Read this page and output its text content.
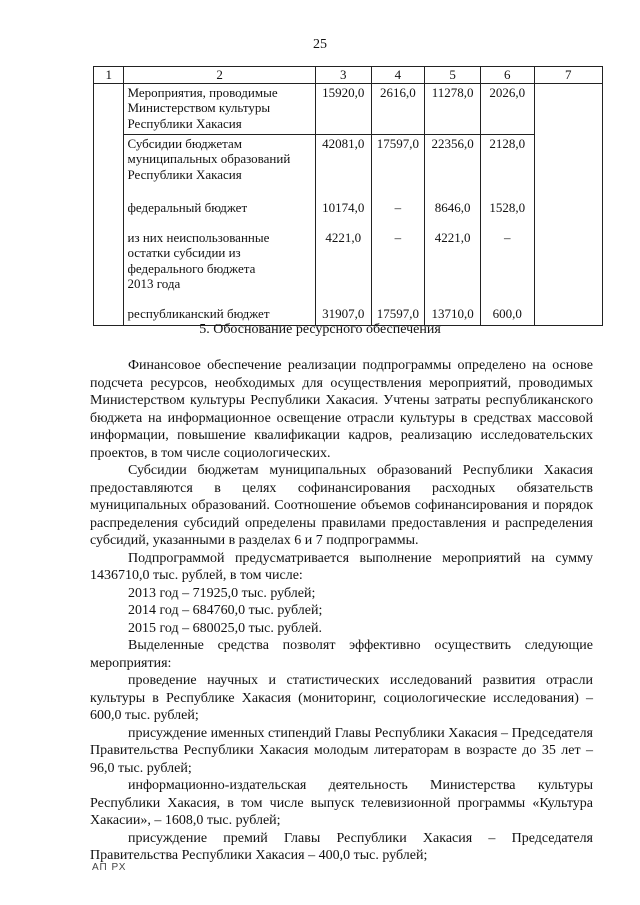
25
1	2	3	4	5	6	7

	Мероприятия, проводимые
Министерством культуры
Республики Хакасия	15920,0	2616,0	11278,0	2026,0	

	Субсидии бюджетам
муниципальных образований
Республики Хакасия	42081,0	17597,0	22356,0	2128,0	

	федеральный бюджет	10174,0	–	8646,0	1528,0	

	из них неиспользованные
остатки субсидии из
федерального бюджета
2013 года	4221,0	–	4221,0	–	

	республиканский бюджет	31907,0	17597,0	13710,0	600,0	
5. Обоснование ресурсного обеспечения

Финансовое обеспечение реализации подпрограммы определено на основе подсчета ресурсов, необходимых для осуществления мероприятий, проводимых Министерством культуры Республики Хакасия. Учтены затраты республиканского бюджета на информационное освещение отрасли культуры в средствах массовой информации, повышение квалификации кадров, реализацию исследовательских проектов, в том числе социологических.

Субсидии бюджетам муниципальных образований Республики Хакасия предоставляются в целях софинансирования расходных обязательств муниципальных образований. Соотношение объемов софинансирования и порядок распределения субсидий определены правилами предоставления и распределения субсидий, указанными в разделах 6 и 7 подпрограммы.

Подпрограммой предусматривается выполнение мероприятий на сумму 1436710,0 тыс. рублей, в том числе:

2013 год – 71925,0 тыс. рублей;

2014 год – 684760,0 тыс. рублей;

2015 год – 680025,0 тыс. рублей.

Выделенные средства позволят эффективно осуществить следующие мероприятия:

проведение научных и статистических исследований развития отрасли культуры в Республике Хакасия (мониторинг, социологические исследования) – 600,0 тыс. рублей;

присуждение именных стипендий Главы Республики Хакасия – Председателя Правительства Республики Хакасия молодым литераторам в возрасте до 35 лет – 96,0 тыс. рублей;

информационно-издательская деятельность Министерства культуры Республики Хакасия, в том числе выпуск телевизионной программы «Культура Хакасии», – 1608,0 тыс. рублей;

присуждение премий Главы Республики Хакасия – Председателя Правительства Республики Хакасия – 400,0 тыс. рублей;

АП РХ
